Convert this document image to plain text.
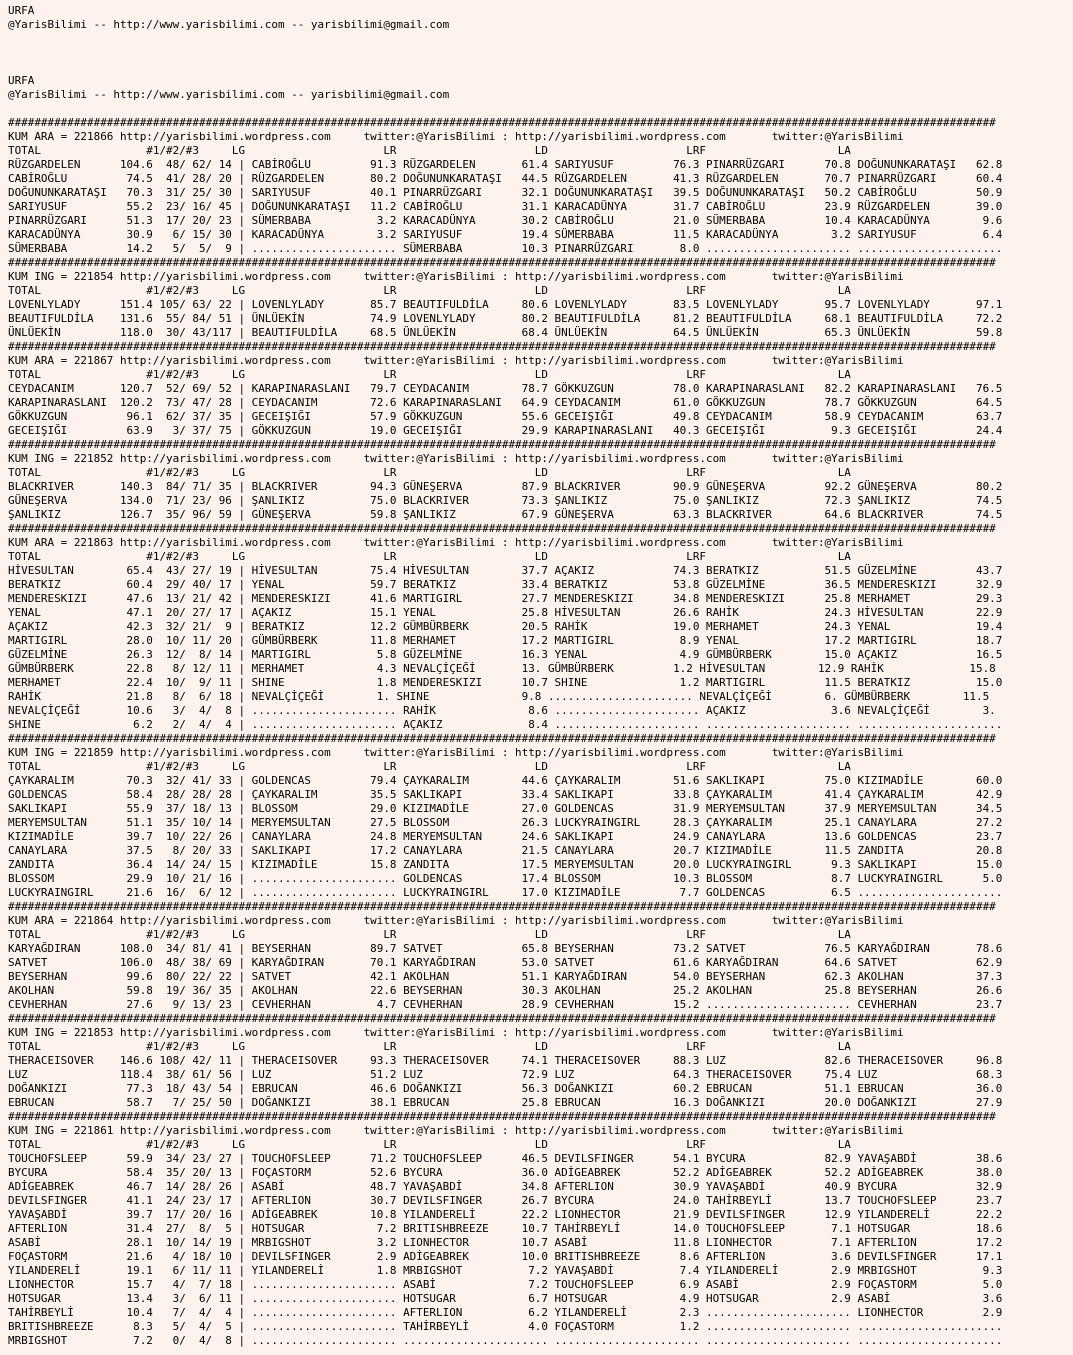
URFA
@YarisBilimi -- http://www.yarisbilimi.com -- yarisbilimi@gmail.com

URFA
@YarisBilimi -- http://www.yarisbilimi.com -- yarisbilimi@gmail.com

######################################################################################################################################################
KUM ARA = 221866 http://yarisbilimi.wordpress.com     twitter:@YarisBilimi : http://yarisbilimi.wordpress.com       twitter:@YarisBilimi
TOTAL                #1/#2/#3     LG                     LR                     LD                     LRF                    LA
RÜZGARDELEN      104.6  48/ 62/ 14 | CABİROĞLU         91.3 RÜZGARDELEN       61.4 SARIYUSUF         76.3 PINARRÜZGARI      70.8 DOĞUNUNKARATAŞI   62.8
CABİROĞLU         74.5  41/ 28/ 20 | RÜZGARDELEN       80.2 DOĞUNUNKARATAŞI   44.5 RÜZGARDELEN       41.3 RÜZGARDELEN       70.7 PINARRÜZGARI      60.4
DOĞUNUNKARATAŞI   70.3  31/ 25/ 30 | SARIYUSUF         40.1 PINARRÜZGARI      32.1 DOĞUNUNKARATAŞI   39.5 DOĞUNUNKARATAŞI   50.2 CABİROĞLU         50.9
SARIYUSUF         55.2  23/ 16/ 45 | DOĞUNUNKARATAŞI   11.2 CABİROĞLU         31.1 KARACADÜNYA       31.7 CABİROĞLU         23.9 RÜZGARDELEN       39.0
PINARRÜZGARI      51.3  17/ 20/ 23 | SÜMERBABA          3.2 KARACADÜNYA       30.2 CABİROĞLU         21.0 SÜMERBABA         10.4 KARACADÜNYA        9.6
KARACADÜNYA       30.9   6/ 15/ 30 | KARACADÜNYA        3.2 SARIYUSUF         19.4 SÜMERBABA         11.5 KARACADÜNYA        3.2 SARIYUSUF          6.4
SÜMERBABA         14.2   5/  5/  9 | ...................... SÜMERBABA         10.3 PINARRÜZGARI       8.0 ...................... ......................
######################################################################################################################################################
KUM ING = 221854 http://yarisbilimi.wordpress.com     twitter:@YarisBilimi : http://yarisbilimi.wordpress.com       twitter:@YarisBilimi
TOTAL                #1/#2/#3     LG                     LR                     LD                     LRF                    LA
LOVENLYLADY      151.4 105/ 63/ 22 | LOVENLYLADY       85.7 BEAUTIFULDİLA     80.6 LOVENLYLADY       83.5 LOVENLYLADY       95.7 LOVENLYLADY       97.1
BEAUTIFULDİLA    131.6  55/ 84/ 51 | ÜNLÜEKİN          74.9 LOVENLYLADY       80.2 BEAUTIFULDİLA     81.2 BEAUTIFULDİLA     68.1 BEAUTIFULDİLA     72.2
ÜNLÜEKİN         118.0  30/ 43/117 | BEAUTIFULDİLA     68.5 ÜNLÜEKİN          68.4 ÜNLÜEKİN          64.5 ÜNLÜEKİN          65.3 ÜNLÜEKİN          59.8
######################################################################################################################################################
KUM ARA = 221867 http://yarisbilimi.wordpress.com     twitter:@YarisBilimi : http://yarisbilimi.wordpress.com       twitter:@YarisBilimi
TOTAL                #1/#2/#3     LG                     LR                     LD                     LRF                    LA
CEYDACANIM       120.7  52/ 69/ 52 | KARAPINARASLANI   79.7 CEYDACANIM        78.7 GÖKKUZGUN         78.0 KARAPINARASLANI   82.2 KARAPINARASLANI   76.5
KARAPINARASLANI  120.2  73/ 47/ 28 | CEYDACANIM        72.6 KARAPINARASLANI   64.9 CEYDACANIM        61.0 GÖKKUZGUN         78.7 GÖKKUZGUN         64.5
GÖKKUZGUN         96.1  62/ 37/ 35 | GECEIŞIĞI         57.9 GÖKKUZGUN         55.6 GECEIŞIĞI         49.8 CEYDACANIM        58.9 CEYDACANIM        63.7
GECEIŞIĞI         63.9   3/ 37/ 75 | GÖKKUZGUN         19.0 GECEIŞIĞI         29.9 KARAPINARASLANI   40.3 GECEIŞIĞI          9.3 GECEIŞIĞI         24.4
######################################################################################################################################################
KUM ING = 221852 http://yarisbilimi.wordpress.com     twitter:@YarisBilimi : http://yarisbilimi.wordpress.com       twitter:@YarisBilimi
TOTAL                #1/#2/#3     LG                     LR                     LD                     LRF                    LA
BLACKRIVER       140.3  84/ 71/ 35 | BLACKRIVER        94.3 GÜNEŞERVA         87.9 BLACKRIVER        90.9 GÜNEŞERVA         92.2 GÜNEŞERVA         80.2
GÜNEŞERVA        134.0  71/ 23/ 96 | ŞANLIKIZ          75.0 BLACKRIVER        73.3 ŞANLIKIZ          75.0 ŞANLIKIZ          72.3 ŞANLIKIZ          74.5
ŞANLIKIZ         126.7  35/ 96/ 59 | GÜNEŞERVA         59.8 ŞANLIKIZ          67.9 GÜNEŞERVA         63.3 BLACKRIVER        64.6 BLACKRIVER        74.5
######################################################################################################################################################
KUM ARA = 221863 http://yarisbilimi.wordpress.com     twitter:@YarisBilimi : http://yarisbilimi.wordpress.com       twitter:@YarisBilimi
TOTAL                #1/#2/#3     LG                     LR                     LD                     LRF                    LA
HİVESULTAN        65.4  43/ 27/ 19 | HİVESULTAN        75.4 HİVESULTAN        37.7 AÇAKIZ            74.3 BERATKIZ          51.5 GÜZELMİNE         43.7
BERATKIZ          60.4  29/ 40/ 17 | YENAL             59.7 BERATKIZ          33.4 BERATKIZ          53.8 GÜZELMİNE         36.5 MENDERESKIZI      32.9
MENDERESKIZI      47.6  13/ 21/ 42 | MENDERESKIZI      41.6 MARTIGIRL         27.7 MENDERESKIZI      34.8 MENDERESKIZI      25.8 MERHAMET          29.3
YENAL             47.1  20/ 27/ 17 | AÇAKIZ            15.1 YENAL             25.8 HİVESULTAN        26.6 RAHİK             24.3 HİVESULTAN        22.9
AÇAKIZ            42.3  32/ 21/  9 | BERATKIZ          12.2 GÜMBÜRBERK        20.5 RAHİK             19.0 MERHAMET          24.3 YENAL             19.4
MARTIGIRL         28.0  10/ 11/ 20 | GÜMBÜRBERK        11.8 MERHAMET          17.2 MARTIGIRL          8.9 YENAL             17.2 MARTIGIRL         18.7
GÜZELMİNE         26.3  12/  8/ 14 | MARTIGIRL          5.8 GÜZELMİNE         16.3 YENAL              4.9 GÜMBÜRBERK        15.0 AÇAKIZ            16.5
GÜMBÜRBERK        22.8   8/ 12/ 11 | MERHAMET           4.3 NEVALÇİÇEĞİ       13. GÜMBÜRBERK         1.2 HİVESULTAN        12.9 RAHİK             15.8
MERHAMET          22.4  10/  9/ 11 | SHINE              1.8 MENDERESKIZI      10.7 SHINE              1.2 MARTIGIRL         11.5 BERATKIZ          15.0
RAHİK             21.8   8/  6/ 18 | NEVALÇİÇEĞİ        1. SHINE              9.8 ...................... NEVALÇİÇEĞİ        6. GÜMBÜRBERK        11.5
NEVALÇİÇEĞİ       10.6   3/  4/  8 | ...................... RAHİK              8.6 ...................... AÇAKIZ             3.6 NEVALÇİÇEĞİ        3.
SHINE              6.2   2/  4/  4 | ...................... AÇAKIZ             8.4 ...................... ...................... ......................
######################################################################################################################################################
KUM ING = 221859 http://yarisbilimi.wordpress.com     twitter:@YarisBilimi : http://yarisbilimi.wordpress.com       twitter:@YarisBilimi
TOTAL                #1/#2/#3     LG                     LR                     LD                     LRF                    LA
ÇAYKARALIM        70.3  32/ 41/ 33 | GOLDENCAS         79.4 ÇAYKARALIM        44.6 ÇAYKARALIM        51.6 SAKLIKAPI         75.0 KIZIMADİLE        60.0
GOLDENCAS         58.4  28/ 28/ 28 | ÇAYKARALIM        35.5 SAKLIKAPI         33.4 SAKLIKAPI         33.8 ÇAYKARALIM        41.4 ÇAYKARALIM        42.9
SAKLIKAPI         55.9  37/ 18/ 13 | BLOSSOM           29.0 KIZIMADİLE        27.0 GOLDENCAS         31.9 MERYEMSULTAN      37.9 MERYEMSULTAN      34.5
MERYEMSULTAN      51.1  35/ 10/ 14 | MERYEMSULTAN      27.5 BLOSSOM           26.3 LUCKYRAINGIRL     28.3 ÇAYKARALIM        25.1 CANAYLARA         27.2
KIZIMADİLE        39.7  10/ 22/ 26 | CANAYLARA         24.8 MERYEMSULTAN      24.6 SAKLIKAPI         24.9 CANAYLARA         13.6 GOLDENCAS         23.7
CANAYLARA         37.5   8/ 20/ 33 | SAKLIKAPI         17.2 CANAYLARA         21.5 CANAYLARA         20.7 KIZIMADİLE        11.5 ZANDITA           20.8
ZANDITA           36.4  14/ 24/ 15 | KIZIMADİLE        15.8 ZANDITA           17.5 MERYEMSULTAN      20.0 LUCKYRAINGIRL      9.3 SAKLIKAPI         15.0
BLOSSOM           29.9  10/ 21/ 16 | ...................... GOLDENCAS         17.4 BLOSSOM           10.3 BLOSSOM            8.7 LUCKYRAINGIRL      5.0
LUCKYRAINGIRL     21.6  16/  6/ 12 | ...................... LUCKYRAINGIRL     17.0 KIZIMADİLE         7.7 GOLDENCAS          6.5 ......................
######################################################################################################################################################
KUM ARA = 221864 http://yarisbilimi.wordpress.com     twitter:@YarisBilimi : http://yarisbilimi.wordpress.com       twitter:@YarisBilimi
TOTAL                #1/#2/#3     LG                     LR                     LD                     LRF                    LA
KARYAĞDIRAN      108.0  34/ 81/ 41 | BEYSERHAN         89.7 SATVET            65.8 BEYSERHAN         73.2 SATVET            76.5 KARYAĞDIRAN       78.6
SATVET           106.0  48/ 38/ 69 | KARYAĞDIRAN       70.1 KARYAĞDIRAN       53.0 SATVET            61.6 KARYAĞDIRAN       64.6 SATVET            62.9
BEYSERHAN         99.6  80/ 22/ 22 | SATVET            42.1 AKOLHAN           51.1 KARYAĞDIRAN       54.0 BEYSERHAN         62.3 AKOLHAN           37.3
AKOLHAN           59.8  19/ 36/ 35 | AKOLHAN           22.6 BEYSERHAN         30.3 AKOLHAN           25.2 AKOLHAN           25.8 BEYSERHAN         26.6
CEVHERHAN         27.6   9/ 13/ 23 | CEVHERHAN          4.7 CEVHERHAN         28.9 CEVHERHAN         15.2 ...................... CEVHERHAN         23.7
######################################################################################################################################################
KUM ING = 221853 http://yarisbilimi.wordpress.com     twitter:@YarisBilimi : http://yarisbilimi.wordpress.com       twitter:@YarisBilimi
TOTAL                #1/#2/#3     LG                     LR                     LD                     LRF                    LA
THERACEISOVER    146.6 108/ 42/ 11 | THERACEISOVER     93.3 THERACEISOVER     74.1 THERACEISOVER     88.3 LUZ               82.6 THERACEISOVER     96.8
LUZ              118.4  38/ 61/ 56 | LUZ               51.2 LUZ               72.9 LUZ               64.3 THERACEISOVER     75.4 LUZ               68.3
DOĞANKIZI         77.3  18/ 43/ 54 | EBRUCAN           46.6 DOĞANKIZI         56.3 DOĞANKIZI         60.2 EBRUCAN           51.1 EBRUCAN           36.0
EBRUCAN           58.7   7/ 25/ 50 | DOĞANKIZI         38.1 EBRUCAN           25.8 EBRUCAN           16.3 DOĞANKIZI         20.0 DOĞANKIZI         27.9
######################################################################################################################################################
KUM ING = 221861 http://yarisbilimi.wordpress.com     twitter:@YarisBilimi : http://yarisbilimi.wordpress.com       twitter:@YarisBilimi
TOTAL                #1/#2/#3     LG                     LR                     LD                     LRF                    LA
TOUCHOFSLEEP      59.9  34/ 23/ 27 | TOUCHOFSLEEP      71.2 TOUCHOFSLEEP      46.5 DEVILSFINGER      54.1 BYCURA            82.9 YAVAŞABDİ         38.6
BYCURA            58.4  35/ 20/ 13 | FOÇASTORM         52.6 BYCURA            36.0 ADİGEABREK        52.2 ADİGEABREK        52.2 ADİGEABREK        38.0
ADİGEABREK        46.7  14/ 28/ 26 | ASABİ             48.7 YAVAŞABDİ         34.8 AFTERLION         30.9 YAVAŞABDİ         40.9 BYCURA            32.9
DEVILSFINGER      41.1  24/ 23/ 17 | AFTERLION         30.7 DEVILSFINGER      26.7 BYCURA            24.0 TAHİRBEYLİ        13.7 TOUCHOFSLEEP      23.7
YAVAŞABDİ         39.7  17/ 20/ 16 | ADİGEABREK        10.8 YILANDERELİ       22.2 LIONHECTOR        21.9 DEVILSFINGER      12.9 YILANDERELİ       22.2
AFTERLION         31.4  27/  8/  5 | HOTSUGAR           7.2 BRITISHBREEZE     10.7 TAHİRBEYLİ        14.0 TOUCHOFSLEEP       7.1 HOTSUGAR          18.6
ASABİ             28.1  10/ 14/ 19 | MRBIGSHOT          3.2 LIONHECTOR        10.7 ASABİ             11.8 LIONHECTOR         7.1 AFTERLION         17.2
FOÇASTORM         21.6   4/ 18/ 10 | DEVILSFINGER       2.9 ADİGEABREK        10.0 BRITISHBREEZE      8.6 AFTERLION          3.6 DEVILSFINGER      17.1
YILANDERELİ       19.1   6/ 11/ 11 | YILANDERELİ        1.8 MRBIGSHOT          7.2 YAVAŞABDİ          7.4 YILANDERELİ        2.9 MRBIGSHOT          9.3
LIONHECTOR        15.7   4/  7/ 18 | ...................... ASABİ              7.2 TOUCHOFSLEEP       6.9 ASABİ              2.9 FOÇASTORM          5.0
HOTSUGAR          13.4   3/  6/ 11 | ...................... HOTSUGAR           6.7 HOTSUGAR           4.9 HOTSUGAR           2.9 ASABİ              3.6
TAHİRBEYLİ        10.4   7/  4/  4 | ...................... AFTERLION          6.2 YILANDERELİ        2.3 ...................... LIONHECTOR         2.9
BRITISHBREEZE      8.3   5/  4/  5 | ...................... TAHİRBEYLİ         4.0 FOÇASTORM          1.2 ...................... ......................
MRBIGSHOT          7.2   0/  4/  8 | ...................... ...................... ...................... ...................... ......................
